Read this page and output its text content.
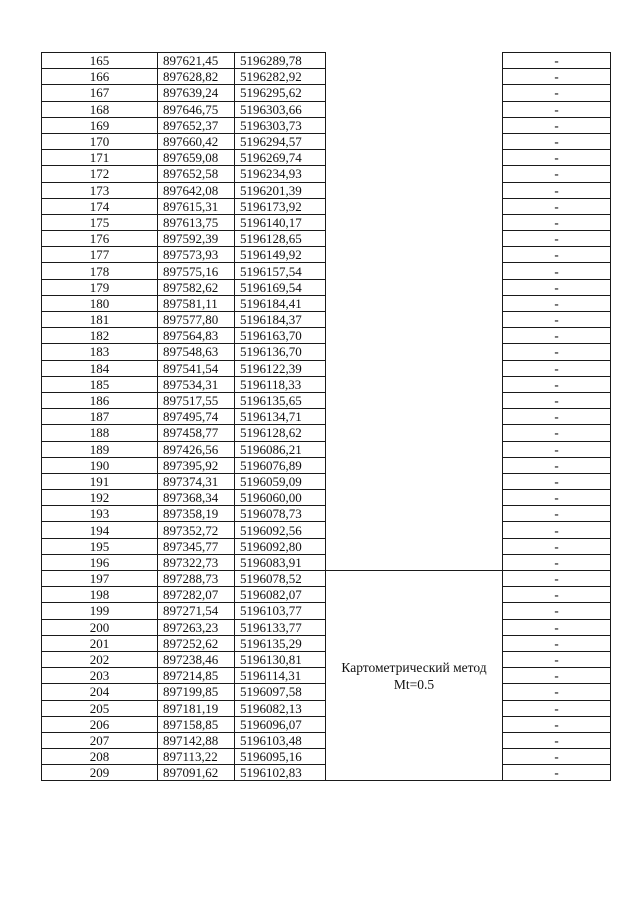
165	897621,45	5196289,78		-
166	897628,82	5196282,92		-
167	897639,24	5196295,62		-
168	897646,75	5196303,66		-
169	897652,37	5196303,73		-
170	897660,42	5196294,57		-
171	897659,08	5196269,74		-
172	897652,58	5196234,93		-
173	897642,08	5196201,39		-
174	897615,31	5196173,92		-
175	897613,75	5196140,17		-
176	897592,39	5196128,65		-
177	897573,93	5196149,92		-
178	897575,16	5196157,54		-
179	897582,62	5196169,54		-
180	897581,11	5196184,41		-
181	897577,80	5196184,37		-
182	897564,83	5196163,70		-
183	897548,63	5196136,70		-
184	897541,54	5196122,39		-
185	897534,31	5196118,33		-
186	897517,55	5196135,65		-
187	897495,74	5196134,71		-
188	897458,77	5196128,62		-
189	897426,56	5196086,21		-
190	897395,92	5196076,89		-
191	897374,31	5196059,09		-
192	897368,34	5196060,00		-
193	897358,19	5196078,73		-
194	897352,72	5196092,56		-
195	897345,77	5196092,80		-
196	897322,73	5196083,91		-
197	897288,73	5196078,52	Картометрический метод
Mt=0.5	-
198	897282,07	5196082,07		-
199	897271,54	5196103,77		-
200	897263,23	5196133,77		-
201	897252,62	5196135,29		-
202	897238,46	5196130,81		-
203	897214,85	5196114,31		-
204	897199,85	5196097,58		-
205	897181,19	5196082,13		-
206	897158,85	5196096,07		-
207	897142,88	5196103,48		-
208	897113,22	5196095,16		-
209	897091,62	5196102,83		-
